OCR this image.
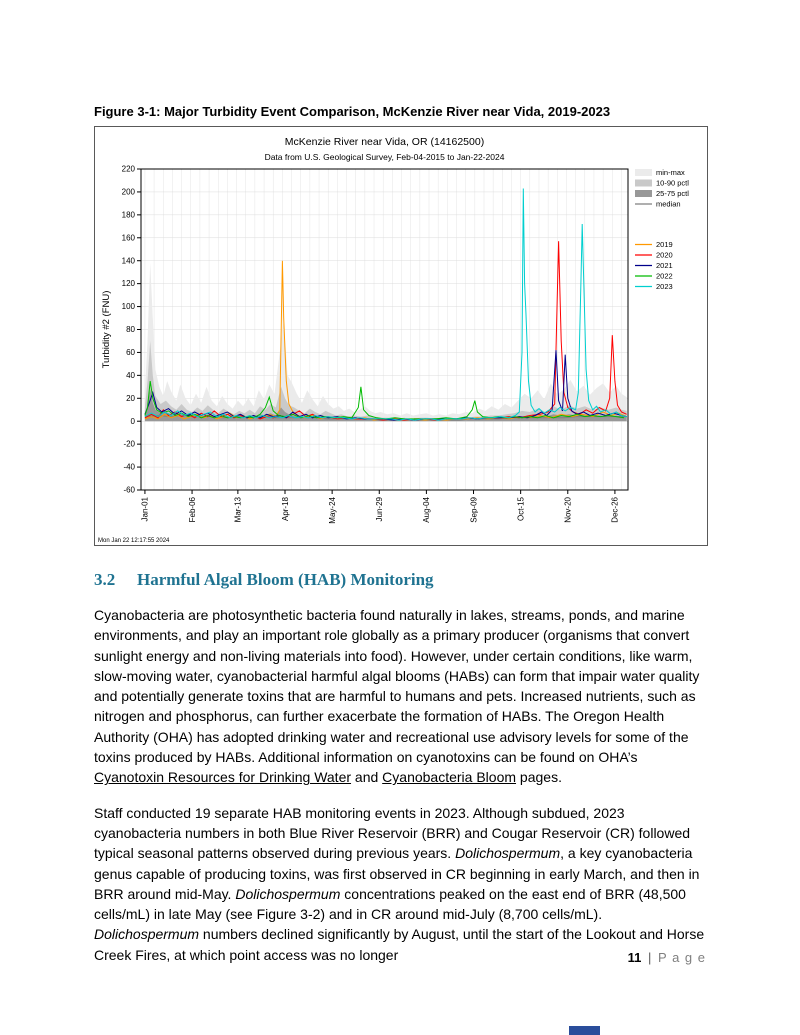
Figure 3-1: Major Turbidity Event Comparison, McKenzie River near Vida, 2019-2023

-60
-40
-20
0
20
40
60
80
100
120
140
160
180
200
220
Jan-01	Feb-06	Mar-13	Apr-18	May-24	Jun-29	Aug-04	Sep-09	Oct-15	Nov-20	Dec-26
McKenzie River near Vida, OR (14162500)
Data from U.S. Geological Survey, Feb-04-2015 to Jan-22-2024
Turbidity #2 (FNU)
min-max
10-90 pctl
25-75 pctl
median
2019
2020
2021
2022
2023
Mon Jan 22 12:17:55 2024
3.2 Harmful Algal Bloom (HAB) Monitoring

Cyanobacteria are photosynthetic bacteria found naturally in lakes, streams, ponds, and marine environments, and play an important role globally as a primary producer (organisms that convert sunlight energy and non-living materials into food). However, under certain conditions, like warm, slow-moving water, cyanobacterial harmful algal blooms (HABs) can form that impair water quality and potentially generate toxins that are harmful to humans and pets. Increased nutrients, such as nitrogen and phosphorus, can further exacerbate the formation of HABs. The Oregon Health Authority (OHA) has adopted drinking water and recreational use advisory levels for some of the toxins produced by HABs. Additional information on cyanotoxins can be found on OHA’s Cyanotoxin Resources for Drinking Water and Cyanobacteria Bloom pages.

Staff conducted 19 separate HAB monitoring events in 2023. Although subdued, 2023 cyanobacteria numbers in both Blue River Reservoir (BRR) and Cougar Reservoir (CR) followed typical seasonal patterns observed during previous years. Dolichospermum, a key cyanobacteria genus capable of producing toxins, was first observed in CR beginning in early March, and then in BRR around mid-May. Dolichospermum concentrations peaked on the east end of BRR (48,500 cells/mL) in late May (see Figure 3-2) and in CR around mid-July (8,700 cells/mL). Dolichospermum numbers declined significantly by August, until the start of the Lookout and Horse Creek Fires, at which point access was no longer	11 | P a g e
